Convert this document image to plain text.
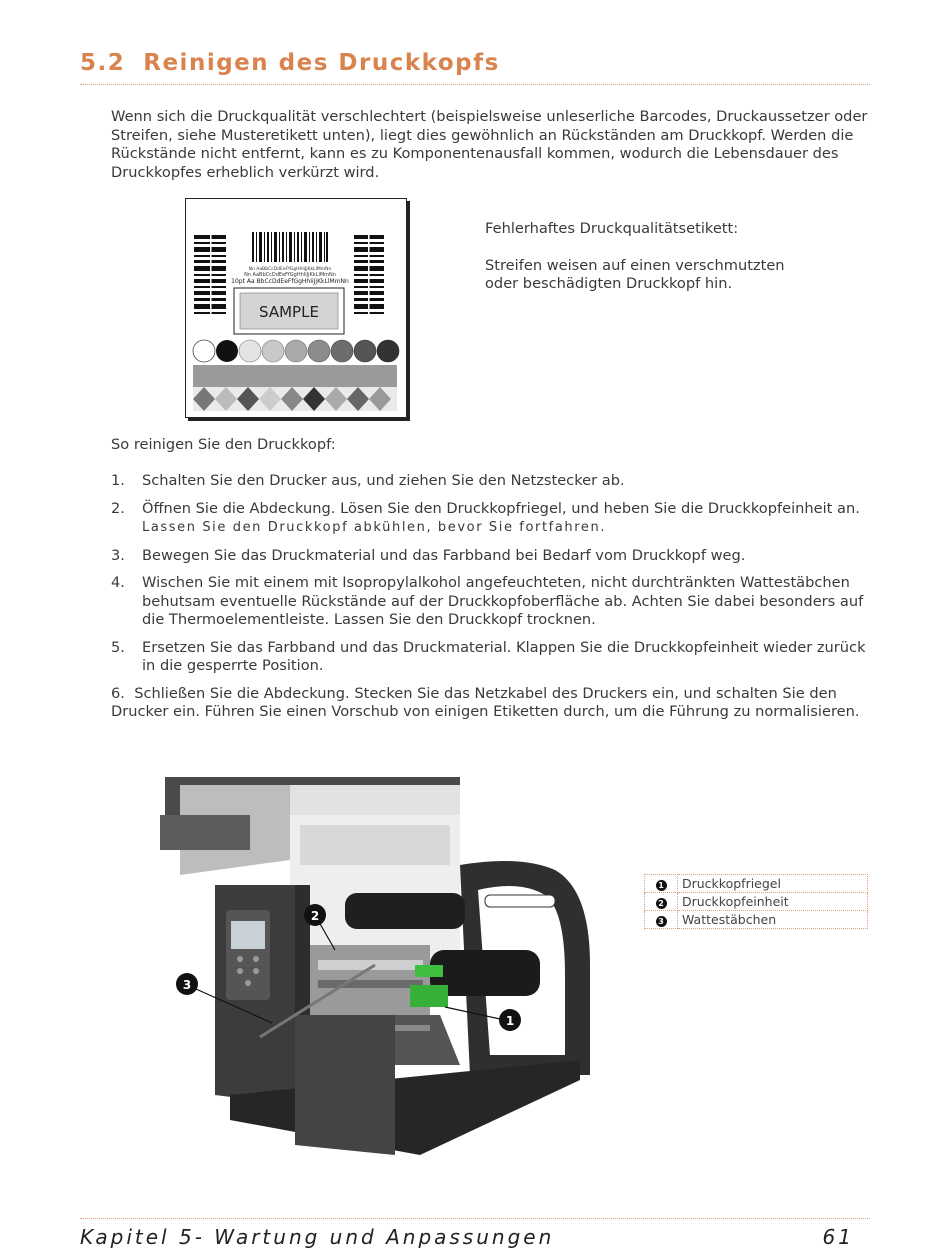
5.2 Reinigen des Druckkopfs
Wenn sich die Druckqualität verschlechtert (beispielsweise unleserliche Barcodes, Druckaussetzer oder Streifen, siehe Musteretikett unten), liegt dies gewöhnlich an Rückständen am Druckkopf. Werden die Rückstände nicht entfernt, kann es zu Komponentenausfall kommen, wodurch die Lebensdauer des Druckkopfes erheblich verkürzt wird.
Nn AaBbCcDdEeFfGgHhIiJjKkLlMmNn
Nn AaBbCcDdEeFfGgHhIiJjKkLlMmNn
10pt Aa BbCcDdEeFfGgHhIiJjKkLlMmNn
SAMPLE
Fehlerhaftes Druckqualitätsetikett:
Streifen weisen auf einen verschmutzten oder beschädigten Druckkopf hin.
So reinigen Sie den Druckkopf:
1. Schalten Sie den Drucker aus, und ziehen Sie den Netzstecker ab.
2. Öffnen Sie die Abdeckung. Lösen Sie den Druckkopfriegel, und heben Sie die Druckkopfeinheit an. Lassen Sie den Druckkopf abkühlen, bevor Sie fortfahren.
3. Bewegen Sie das Druckmaterial und das Farbband bei Bedarf vom Druckkopf weg.
4. Wischen Sie mit einem mit Isopropylalkohol angefeuchteten, nicht durchtränkten Wattestäbchen behutsam eventuelle Rückstände auf der Druckkopfoberfläche ab. Achten Sie dabei besonders auf die Thermoelementleiste. Lassen Sie den Druckkopf trocknen.
5. Ersetzen Sie das Farbband und das Druckmaterial. Klappen Sie die Druckkopfeinheit wieder zurück in die gesperrte Position.
6. Schließen Sie die Abdeckung. Stecken Sie das Netzkabel des Druckers ein, und schalten Sie den Drucker ein. Führen Sie einen Vorschub von einigen Etiketten durch, um die Führung zu normalisieren.
2
3
1
1	Druckkopfriegel
2	Druckkopfeinheit
3	Wattestäbchen
Kapitel 5- Wartung und Anpassungen	61
